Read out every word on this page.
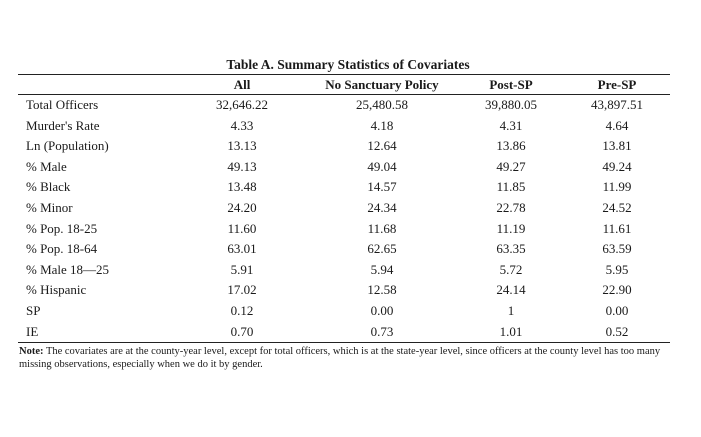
Table A. Summary Statistics of Covariates
	All	No Sanctuary Policy	Post-SP	Pre-SP
Total Officers	32,646.22	25,480.58	39,880.05	43,897.51
Murder's Rate	4.33	4.18	4.31	4.64
Ln (Population)	13.13	12.64	13.86	13.81
% Male	49.13	49.04	49.27	49.24
% Black	13.48	14.57	11.85	11.99
% Minor	24.20	24.34	22.78	24.52
% Pop. 18-25	11.60	11.68	11.19	11.61
% Pop. 18-64	63.01	62.65	63.35	63.59
% Male 18—25	5.91	5.94	5.72	5.95
% Hispanic	17.02	12.58	24.14	22.90
SP	0.12	0.00	1	0.00
IE	0.70	0.73	1.01	0.52
Note: The covariates are at the county-year level, except for total officers, which is at the state-year level, since officers at the county level has too many missing observations, especially when we do it by gender.
